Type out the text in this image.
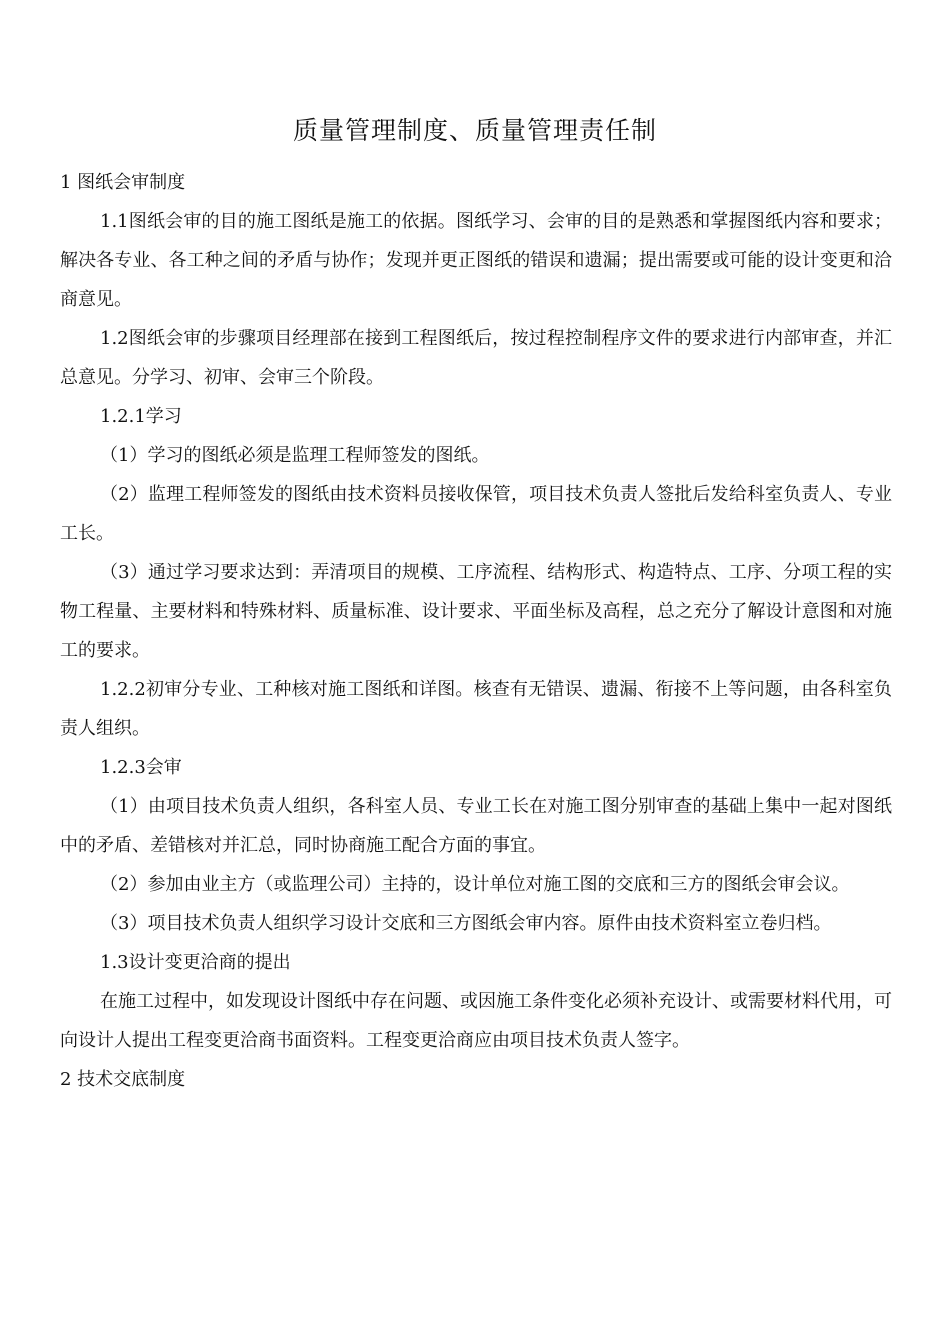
质量管理制度、质量管理责任制

1 图纸会审制度

1.1图纸会审的目的施工图纸是施工的依据。图纸学习、会审的目的是熟悉和掌握图纸内容和要求；解决各专业、各工种之间的矛盾与协作；发现并更正图纸的错误和遗漏；提出需要或可能的设计变更和洽商意见。

1.2图纸会审的步骤项目经理部在接到工程图纸后，按过程控制程序文件的要求进行内部审查，并汇总意见。分学习、初审、会审三个阶段。

1.2.1学习

（1）学习的图纸必须是监理工程师签发的图纸。

（2）监理工程师签发的图纸由技术资料员接收保管，项目技术负责人签批后发给科室负责人、专业工长。

（3）通过学习要求达到：弄清项目的规模、工序流程、结构形式、构造特点、工序、分项工程的实物工程量、主要材料和特殊材料、质量标准、设计要求、平面坐标及高程，总之充分了解设计意图和对施工的要求。

1.2.2初审分专业、工种核对施工图纸和详图。核查有无错误、遗漏、衔接不上等问题，由各科室负责人组织。

1.2.3会审

（1）由项目技术负责人组织，各科室人员、专业工长在对施工图分别审查的基础上集中一起对图纸中的矛盾、差错核对并汇总，同时协商施工配合方面的事宜。

（2）参加由业主方（或监理公司）主持的，设计单位对施工图的交底和三方的图纸会审会议。

（3）项目技术负责人组织学习设计交底和三方图纸会审内容。原件由技术资料室立卷归档。

1.3设计变更洽商的提出

在施工过程中，如发现设计图纸中存在问题、或因施工条件变化必须补充设计、或需要材料代用，可向设计人提出工程变更洽商书面资料。工程变更洽商应由项目技术负责人签字。

2 技术交底制度
